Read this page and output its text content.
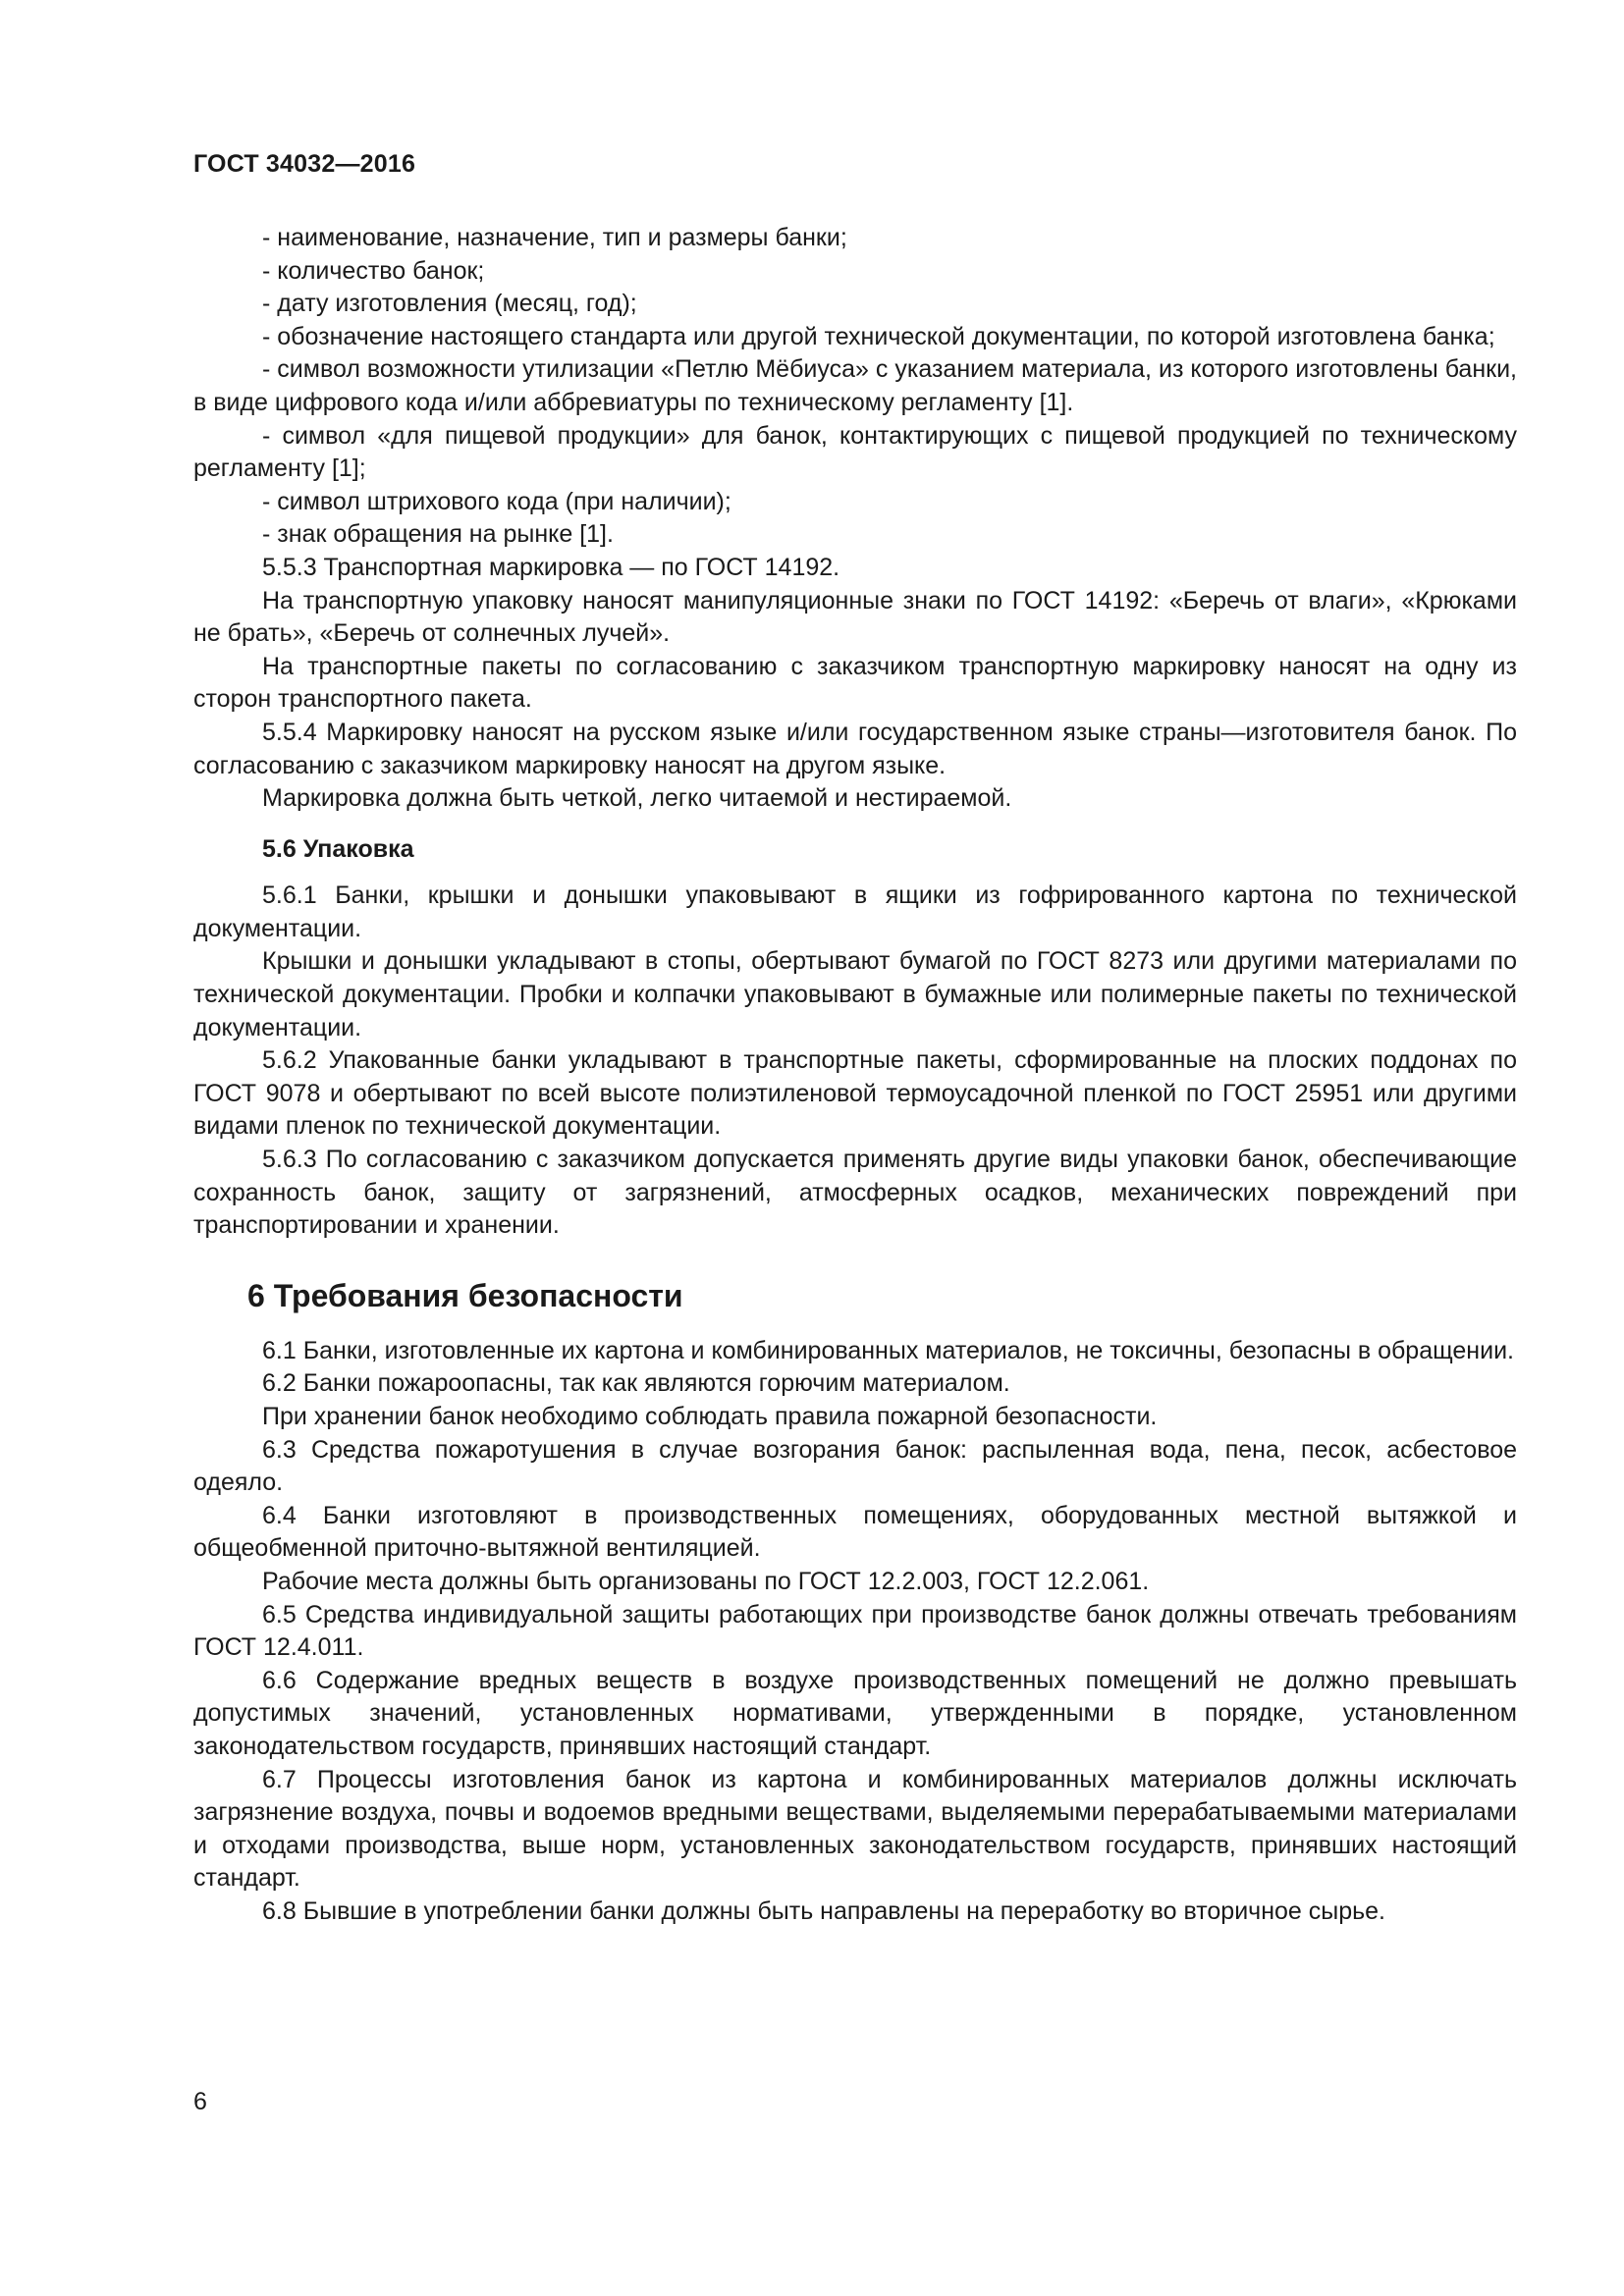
ГОСТ 34032—2016

- наименование, назначение, тип и размеры банки;

- количество банок;

- дату изготовления (месяц, год);

- обозначение настоящего стандарта или другой технической документации, по которой изготовлена банка;

- символ возможности утилизации «Петлю Мёбиуса» с указанием материала, из которого изготовлены банки, в виде цифрового кода и/или аббревиатуры по техническому регламенту [1].

- символ «для пищевой продукции» для банок, контактирующих с пищевой продукцией по техническому регламенту [1];

- символ штрихового кода (при наличии);

- знак обращения на рынке [1].

5.5.3 Транспортная маркировка — по ГОСТ 14192.

На транспортную упаковку наносят манипуляционные знаки по ГОСТ 14192: «Беречь от влаги», «Крюками не брать», «Беречь от солнечных лучей».

На транспортные пакеты по согласованию с заказчиком транспортную маркировку наносят на одну из сторон транспортного пакета.

5.5.4 Маркировку наносят на русском языке и/или государственном языке страны—изготовителя банок. По согласованию с заказчиком маркировку наносят на другом языке.

Маркировка должна быть четкой, легко читаемой и нестираемой.

5.6 Упаковка

5.6.1 Банки, крышки и донышки упаковывают в ящики из гофрированного картона по технической документации.

Крышки и донышки укладывают в стопы, обертывают бумагой по ГОСТ 8273 или другими материалами по технической документации. Пробки и колпачки упаковывают в бумажные или полимерные пакеты по технической документации.

5.6.2 Упакованные банки укладывают в транспортные пакеты, сформированные на плоских поддонах по ГОСТ 9078 и обертывают по всей высоте полиэтиленовой термоусадочной пленкой по ГОСТ 25951 или другими видами пленок по технической документации.

5.6.3 По согласованию с заказчиком допускается применять другие виды упаковки банок, обеспечивающие сохранность банок, защиту от загрязнений, атмосферных осадков, механических повреждений при транспортировании и хранении.

6 Требования безопасности

6.1 Банки, изготовленные их картона и комбинированных материалов, не токсичны, безопасны в обращении.

6.2 Банки пожароопасны, так как являются горючим материалом.

При хранении банок необходимо соблюдать правила пожарной безопасности.

6.3 Средства пожаротушения в случае возгорания банок: распыленная вода, пена, песок, асбестовое одеяло.

6.4 Банки изготовляют в производственных помещениях, оборудованных местной вытяжкой и общеобменной приточно-вытяжной вентиляцией.

Рабочие места должны быть организованы по ГОСТ 12.2.003, ГОСТ 12.2.061.

6.5 Средства индивидуальной защиты работающих при производстве банок должны отвечать требованиям ГОСТ 12.4.011.

6.6 Содержание вредных веществ в воздухе производственных помещений не должно превышать допустимых значений, установленных нормативами, утвержденными в порядке, установленном законодательством государств, принявших настоящий стандарт.

6.7 Процессы изготовления банок из картона и комбинированных материалов должны исключать загрязнение воздуха, почвы и водоемов вредными веществами, выделяемыми перерабатываемыми материалами и отходами производства, выше норм, установленных законодательством государств, принявших настоящий стандарт.

6.8 Бывшие в употреблении банки должны быть направлены на переработку во вторичное сырье.

6
